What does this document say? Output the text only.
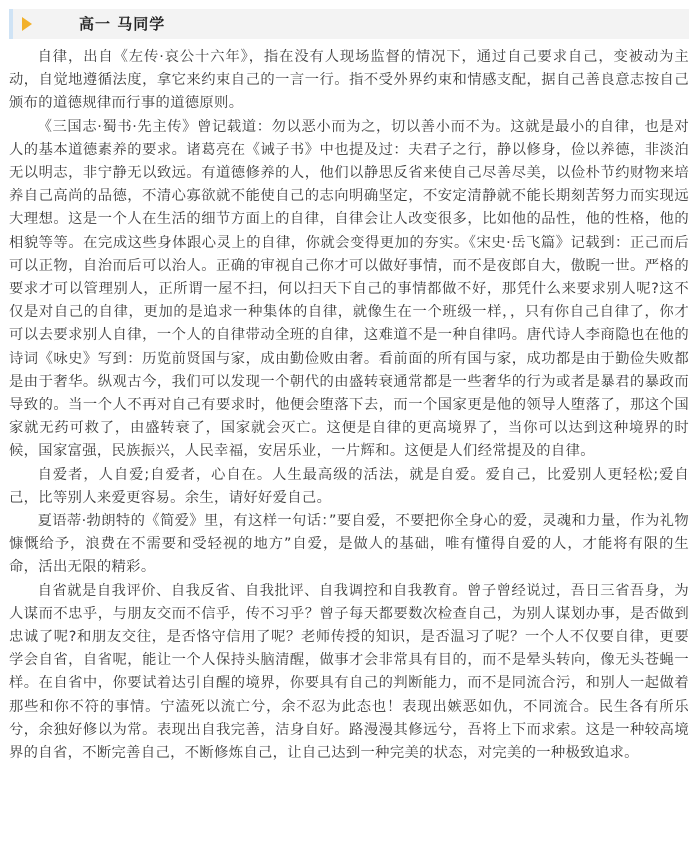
高一 马同学

自律，出自《左传·哀公十六年》，指在没有人现场监督的情况下，通过自己要求自己，变被动为主动，自觉地遵循法度，拿它来约束自己的一言一行。指不受外界约束和情感支配，据自己善良意志按自己颁布的道德规律而行事的道德原则。

《三国志·蜀书·先主传》曾记载道：勿以恶小而为之，切以善小而不为。这就是最小的自律，也是对人的基本道德素养的要求。诸葛亮在《诫子书》中也提及过：夫君子之行，静以修身，俭以养德，非淡泊无以明志，非宁静无以致远。有道德修养的人，他们以静思反省来使自己尽善尽美，以俭朴节约财物来培养自己高尚的品德，不清心寡欲就不能使自己的志向明确坚定，不安定清静就不能长期刻苦努力而实现远大理想。这是一个人在生活的细节方面上的自律，自律会让人改变很多，比如他的品性，他的性格，他的相貌等等。在完成这些身体跟心灵上的自律，你就会变得更加的夯实。《宋史·岳飞篇》记载到：正己而后可以正物，自治而后可以治人。正确的审视自己你才可以做好事情，而不是夜郎自大，傲睨一世。严格的要求才可以管理别人，正所谓一屋不扫，何以扫天下自己的事情都做不好，那凭什么来要求别人呢?这不仅是对自己的自律，更加的是追求一种集体的自律，就像生在一个班级一样，，只有你自己自律了，你才可以去要求别人自律，一个人的自律带动全班的自律，这难道不是一种自律吗。唐代诗人李商隐也在他的诗词《咏史》写到：历览前贤国与家，成由勤俭败由奢。看前面的所有国与家，成功都是由于勤俭失败都是由于奢华。纵观古今，我们可以发现一个朝代的由盛转衰通常都是一些奢华的行为或者是暴君的暴政而导致的。当一个人不再对自己有要求时，他便会堕落下去，而一个国家更是他的领导人堕落了，那这个国家就无药可救了，由盛转衰了，国家就会灭亡。这便是自律的更高境界了，当你可以达到这种境界的时候，国家富强，民族振兴，人民幸福，安居乐业，一片辉和。这便是人们经常提及的自律。

自爱者，人自爱;自爱者，心自在。人生最高级的活法，就是自爱。爱自己，比爱别人更轻松;爱自己，比等别人来爱更容易。余生，请好好爱自己。

夏语蒂·勃朗特的《简爱》里，有这样一句话：”要自爱，不要把你全身心的爱，灵魂和力量，作为礼物慷慨给予，浪费在不需要和受轻视的地方”自爱，是做人的基础，唯有懂得自爱的人，才能将有限的生命，活出无限的精彩。

自省就是自我评价、自我反省、自我批评、自我调控和自我教育。曾子曾经说过，吾日三省吾身，为人谋而不忠乎，与朋友交而不信乎，传不习乎？曾子每天都要数次检查自己，为别人谋划办事，是否做到忠诚了呢?和朋友交往，是否恪守信用了呢？老师传授的知识，是否温习了呢？一个人不仅要自律，更要学会自省，自省呢，能让一个人保持头脑清醒，做事才会非常具有目的，而不是晕头转向，像无头苍蝇一样。在自省中，你要试着达引自醒的境界，你要具有自己的判断能力，而不是同流合污，和别人一起做着那些和你不符的事情。宁溘死以流亡兮，余不忍为此态也！表现出嫉恶如仇，不同流合。民生各有所乐兮，余独好修以为常。表现出自我完善，洁身自好。路漫漫其修远兮，吾将上下而求索。这是一种较高境界的自省，不断完善自己，不断修炼自己，让自己达到一种完美的状态，对完美的一种极致追求。
